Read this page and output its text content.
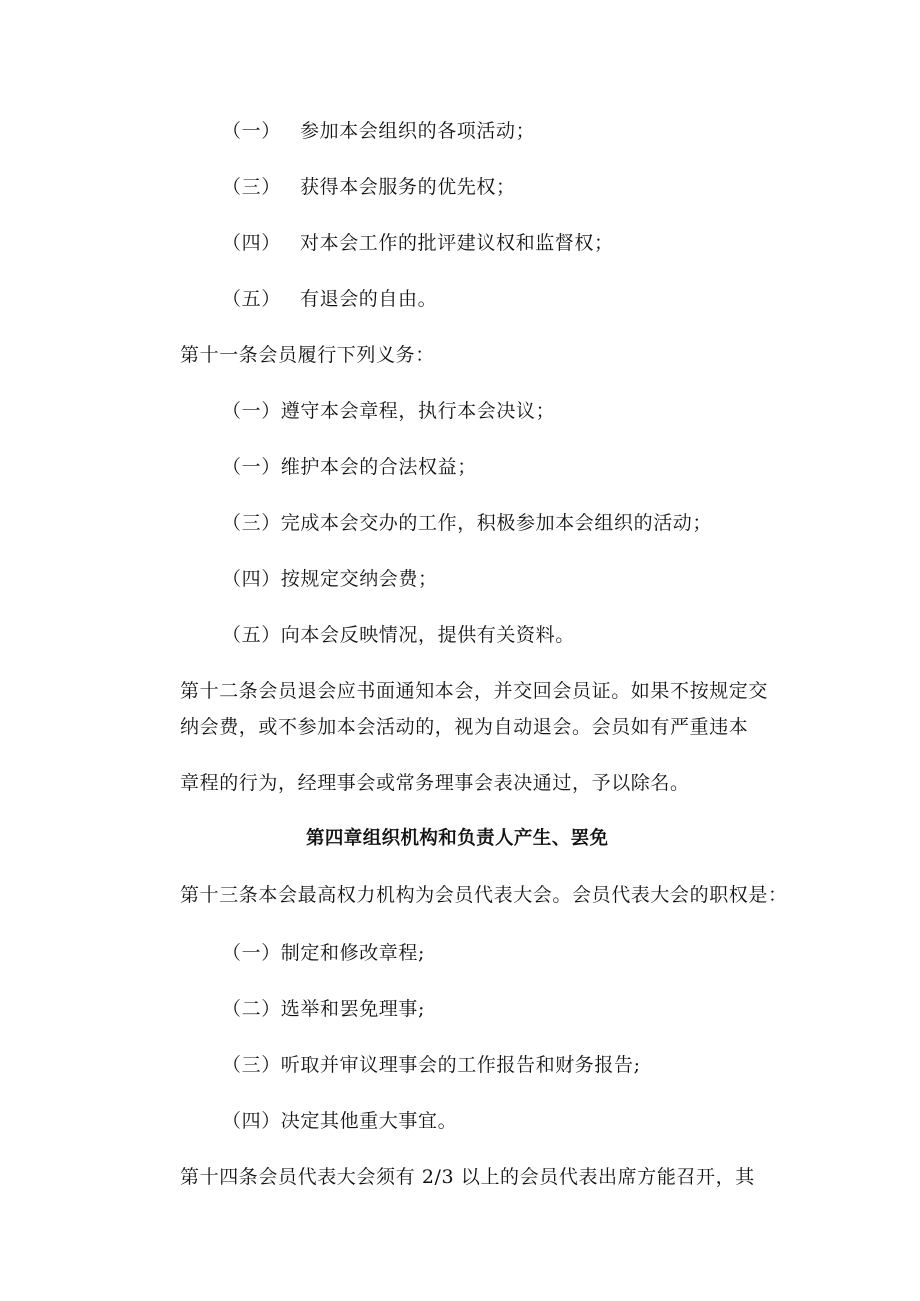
（一） 参加本会组织的各项活动；
（三） 获得本会服务的优先权；
（四） 对本会工作的批评建议权和监督权；
（五） 有退会的自由。
第十一条会员履行下列义务：
（一）遵守本会章程，执行本会决议；
（一）维护本会的合法权益；
（三）完成本会交办的工作，积极参加本会组织的活动；
（四）按规定交纳会费；
（五）向本会反映情况，提供有关资料。
第十二条会员退会应书面通知本会，并交回会员证。如果不按规定交
纳会费，或不参加本会活动的，视为自动退会。会员如有严重违本
章程的行为，经理事会或常务理事会表决通过，予以除名。
第四章组织机构和负责人产生、罢免
第十三条本会最高权力机构为会员代表大会。会员代表大会的职权是：
（一）制定和修改章程;
（二）选举和罢免理事;
（三）听取并审议理事会的工作报告和财务报告;
（四）决定其他重大事宜。
第十四条会员代表大会须有 2/3 以上的会员代表出席方能召开，其
